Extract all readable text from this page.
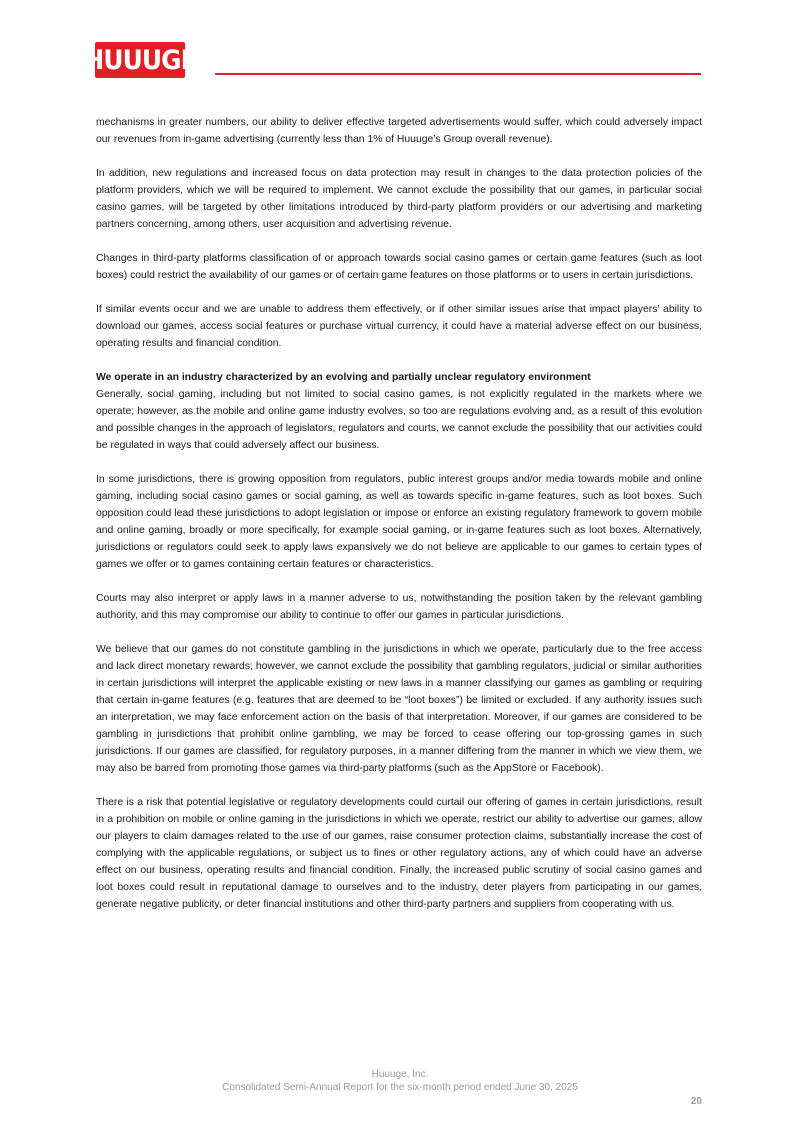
HUUUGE

mechanisms in greater numbers, our ability to deliver effective targeted advertisements would suffer, which could adversely impact our revenues from in-game advertising (currently less than 1% of Huuuge’s Group overall revenue).

In addition, new regulations and increased focus on data protection may result in changes to the data protection policies of the platform providers, which we will be required to implement. We cannot exclude the possibility that our games, in particular social casino games, will be targeted by other limitations introduced by third-party platform providers or our advertising and marketing partners concerning, among others, user acquisition and advertising revenue.

Changes in third-party platforms classification of or approach towards social casino games or certain game features (such as loot boxes) could restrict the availability of our games or of certain game features on those platforms or to users in certain jurisdictions.

If similar events occur and we are unable to address them effectively, or if other similar issues arise that impact players’ ability to download our games, access social features or purchase virtual currency, it could have a material adverse effect on our business, operating results and financial condition.

We operate in an industry characterized by an evolving and partially unclear regulatory environment
Generally, social gaming, including but not limited to social casino games, is not explicitly regulated in the markets where we operate; however, as the mobile and online game industry evolves, so too are regulations evolving and, as a result of this evolution and possible changes in the approach of legislators, regulators and courts, we cannot exclude the possibility that our activities could be regulated in ways that could adversely affect our business.

In some jurisdictions, there is growing opposition from regulators, public interest groups and/or media towards mobile and online gaming, including social casino games or social gaming, as well as towards specific in-game features, such as loot boxes. Such opposition could lead these jurisdictions to adopt legislation or impose or enforce an existing regulatory framework to govern mobile and online gaming, broadly or more specifically, for example social gaming, or in-game features such as loot boxes. Alternatively, jurisdictions or regulators could seek to apply laws expansively we do not believe are applicable to our games to certain types of games we offer or to games containing certain features or characteristics.

Courts may also interpret or apply laws in a manner adverse to us, notwithstanding the position taken by the relevant gambling authority, and this may compromise our ability to continue to offer our games in particular jurisdictions.

We believe that our games do not constitute gambling in the jurisdictions in which we operate, particularly due to the free access and lack direct monetary rewards; however, we cannot exclude the possibility that gambling regulators, judicial or similar authorities in certain jurisdictions will interpret the applicable existing or new laws in a manner classifying our games as gambling or requiring that certain in-game features (e.g. features that are deemed to be “loot boxes”) be limited or excluded. If any authority issues such an interpretation, we may face enforcement action on the basis of that interpretation. Moreover, if our games are considered to be gambling in jurisdictions that prohibit online gambling, we may be forced to cease offering our top-grossing games in such jurisdictions. If our games are classified, for regulatory purposes, in a manner differing from the manner in which we view them, we may also be barred from promoting those games via third-party platforms (such as the AppStore or Facebook).

There is a risk that potential legislative or regulatory developments could curtail our offering of games in certain jurisdictions, result in a prohibition on mobile or online gaming in the jurisdictions in which we operate, restrict our ability to advertise our games, allow our players to claim damages related to the use of our games, raise consumer protection claims, substantially increase the cost of complying with the applicable regulations, or subject us to fines or other regulatory actions, any of which could have an adverse effect on our business, operating results and financial condition. Finally, the increased public scrutiny of social casino games and loot boxes could result in reputational damage to ourselves and to the industry, deter players from participating in our games, generate negative publicity, or deter financial institutions and other third-party partners and suppliers from cooperating with us.

Huuuge, Inc.
Consolidated Semi-Annual Report for the six-month period ended June 30, 2025
20
